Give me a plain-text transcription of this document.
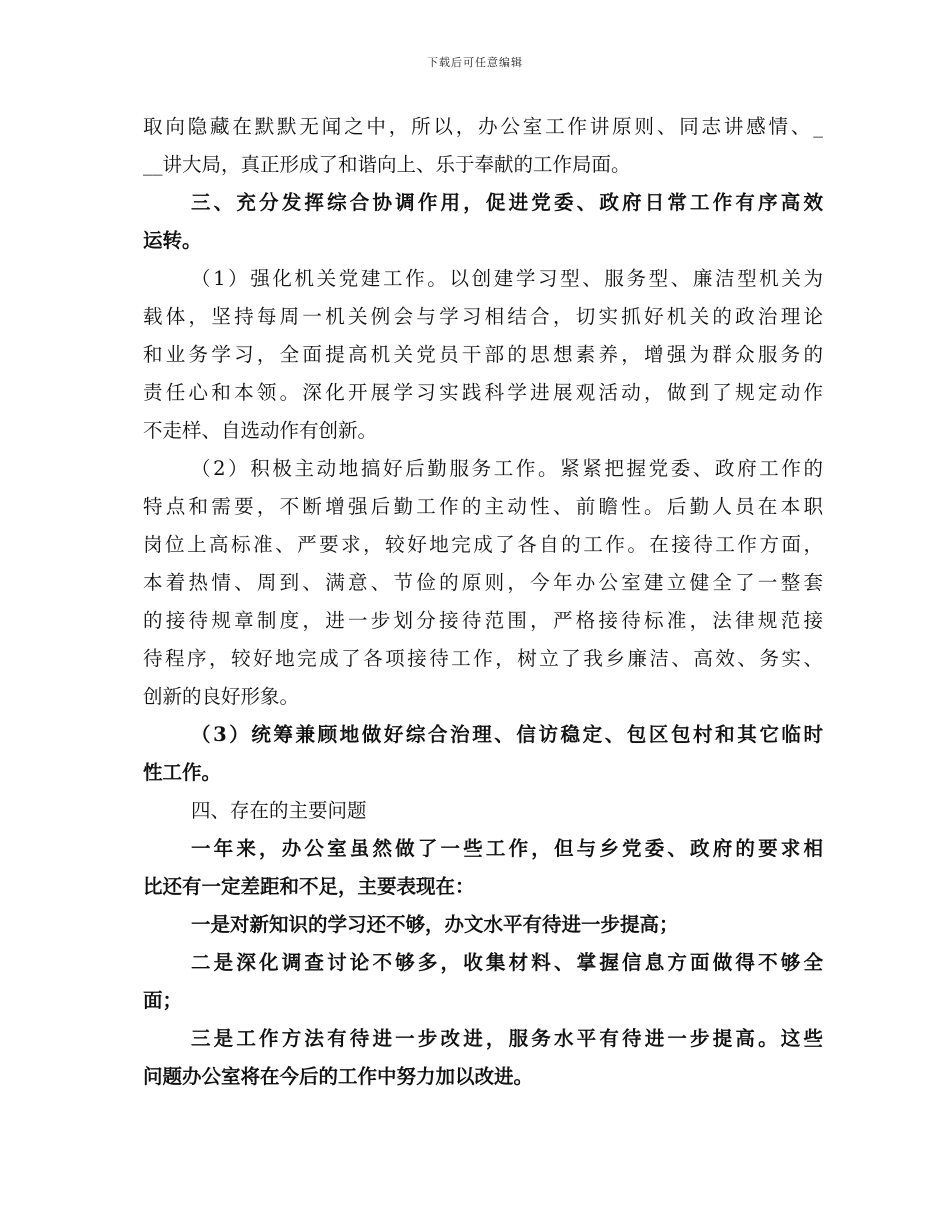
下载后可任意编辑
取向隐藏在默默无闻之中，所以，办公室工作讲原则、同志讲感情、_
__讲大局，真正形成了和谐向上、乐于奉献的工作局面。
三、充分发挥综合协调作用，促进党委、政府日常工作有序高效
运转。
（1）强化机关党建工作。以创建学习型、服务型、廉洁型机关为
载体，坚持每周一机关例会与学习相结合，切实抓好机关的政治理论
和业务学习，全面提高机关党员干部的思想素养，增强为群众服务的
责任心和本领。深化开展学习实践科学进展观活动，做到了规定动作
不走样、自选动作有创新。
（2）积极主动地搞好后勤服务工作。紧紧把握党委、政府工作的
特点和需要，不断增强后勤工作的主动性、前瞻性。后勤人员在本职
岗位上高标准、严要求，较好地完成了各自的工作。在接待工作方面，
本着热情、周到、满意、节俭的原则，今年办公室建立健全了一整套
的接待规章制度，进一步划分接待范围，严格接待标准，法律规范接
待程序，较好地完成了各项接待工作，树立了我乡廉洁、高效、务实、
创新的良好形象。
（3）统筹兼顾地做好综合治理、信访稳定、包区包村和其它临时
性工作。
四、存在的主要问题
一年来，办公室虽然做了一些工作，但与乡党委、政府的要求相
比还有一定差距和不足，主要表现在：
一是对新知识的学习还不够，办文水平有待进一步提高；
二是深化调查讨论不够多，收集材料、掌握信息方面做得不够全
面；
三是工作方法有待进一步改进，服务水平有待进一步提高。这些
问题办公室将在今后的工作中努力加以改进。
